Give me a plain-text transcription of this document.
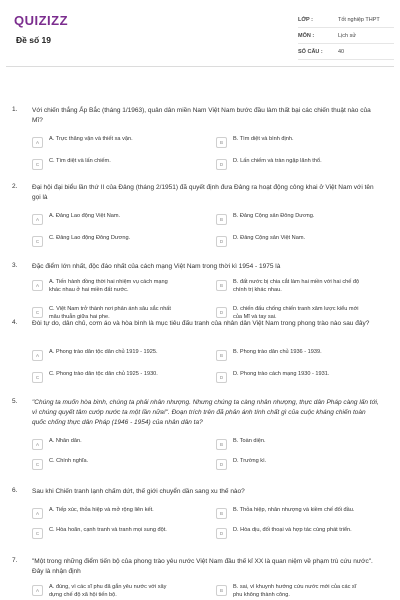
QUIZIZZ
Đề số 19
LỚP :	Tốt nghiệp THPT
MÔN :	Lịch sử
SỐ CÂU :	40
1. Với chiến thắng Ấp Bắc (tháng 1/1963), quân dân miền Nam Việt Nam bước đầu làm thất bại các chiến thuật nào của Mĩ?
A
A. Trực thăng vận và thiết xa vận.
B
B. Tìm diệt và bình định.
C
C. Tìm diệt và lấn chiếm.
D
D. Lấn chiếm và tràn ngập lãnh thổ.
2. Đại hội đại biểu lần thứ II của Đảng (tháng 2/1951) đã quyết định đưa Đảng ra hoạt động công khai ở Việt Nam với tên gọi là
A
A. Đảng Lao động Việt Nam.
B
B. Đảng Cộng sản Đông Dương.
C
C. Đảng Lao động Đông Dương.
D
D. Đảng Cộng sản Việt Nam.
3. Đặc điểm lớn nhất, độc đáo nhất của cách mạng Việt Nam trong thời kì 1954 - 1975 là
A
A. Tiến hành đồng thời hai nhiệm vụ cách mạng khác nhau ở hai miền đất nước.
B
B. đất nước bị chia cắt làm hai miền với hai chế độ chính trị khác nhau.
C
C. Việt Nam trở thành nơi phản ánh sâu sắc nhất mâu thuẫn giữa hai phe.
D
D. chiến đấu chống chiến tranh xâm lược kiểu mới của Mĩ và tay sai.
4. Đòi tự do, dân chủ, cơm áo và hòa bình là mục tiêu đấu tranh của nhân dân Việt Nam trong phong trào nào sau đây?
A
A. Phong trào dân tộc dân chủ 1919 - 1925.
B
B. Phong trào dân chủ 1936 - 1939.
C
C. Phong trào dân tộc dân chủ 1925 - 1930.
D
D. Phong trào cách mạng 1930 - 1931.
5. "Chúng ta muốn hòa bình, chúng ta phải nhân nhượng. Nhưng chúng ta càng nhân nhượng, thực dân Pháp càng lấn tới, vì chúng quyết tâm cướp nước ta một lần nữa!". Đoạn trích trên đã phản ánh tính chất gì của cuộc kháng chiến toàn quốc chống thực dân Pháp (1946 - 1954) của nhân dân ta?
A
A. Nhân dân.
B
B. Toàn diện.
C
C. Chính nghĩa.
D
D. Trường kì.
6. Sau khi Chiến tranh lạnh chấm dứt, thế giới chuyển dần sang xu thế nào?
A
A. Tiếp xúc, thỏa hiệp và mở rộng liên kết.
B
B. Thỏa hiệp, nhân nhượng và kiềm chế đối đầu.
C
C. Hòa hoãn, cạnh tranh và tranh mọi sung đột.
D
D. Hòa dịu, đối thoại và hợp tác cùng phát triển.
7. "Một trong những điểm tiến bộ của phong trào yêu nước Việt Nam đầu thế kỉ XX là quan niệm về phạm trù cứu nước". Đây là nhận định
A
A. đúng, vì các sĩ phu đã gắn yêu nước với xây dựng chế độ xã hội tiến bộ.
B
B. sai, vì khuynh hướng cứu nước mới của các sĩ phu không thành công.
